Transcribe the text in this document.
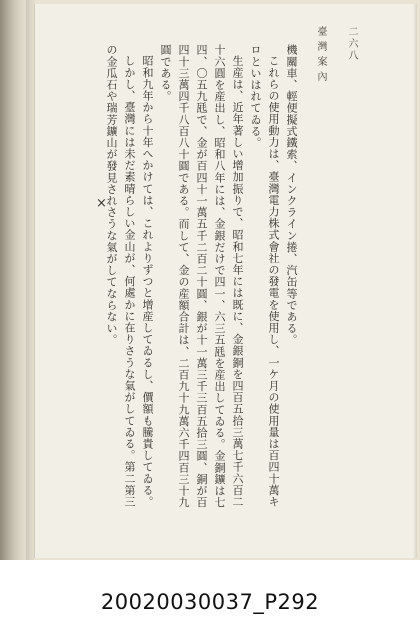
二六八
臺灣案內

機關車、輕便擬式鐵索、インクライン捲、汽缶等である。

これらの使用動力は、臺灣電力株式會社の發電を使用し、一ケ月の使用量は百四十萬キロといはれてゐる。

生産は、近年著しい增加振りで、昭和七年には既に、金銀銅を四百五拾三萬七千六百二十六圓を産出し、昭和八年には、金銀だけで四一、六三五瓱を産出してゐる。金銅鑛は七四、〇五九瓱で、金が百四十一萬五千二百二十圓、銀が十一萬三千三百五拾三圓、銅が百四十三萬四千八百八十圓である。而して、金の産額合計は、二百九十九萬六千四百三十九圓である。

昭和九年から十年へかけては、これよりずつと增産してゐるし、價額も騰貴してゐる。

しかし、臺灣には未だ素晴らしい金山が、何處かに在りさうな氣がしてゐる。第二第三の金瓜石や瑞芳鑛山が發見されさうな氣がしてならない。

×
20020030037_P292
